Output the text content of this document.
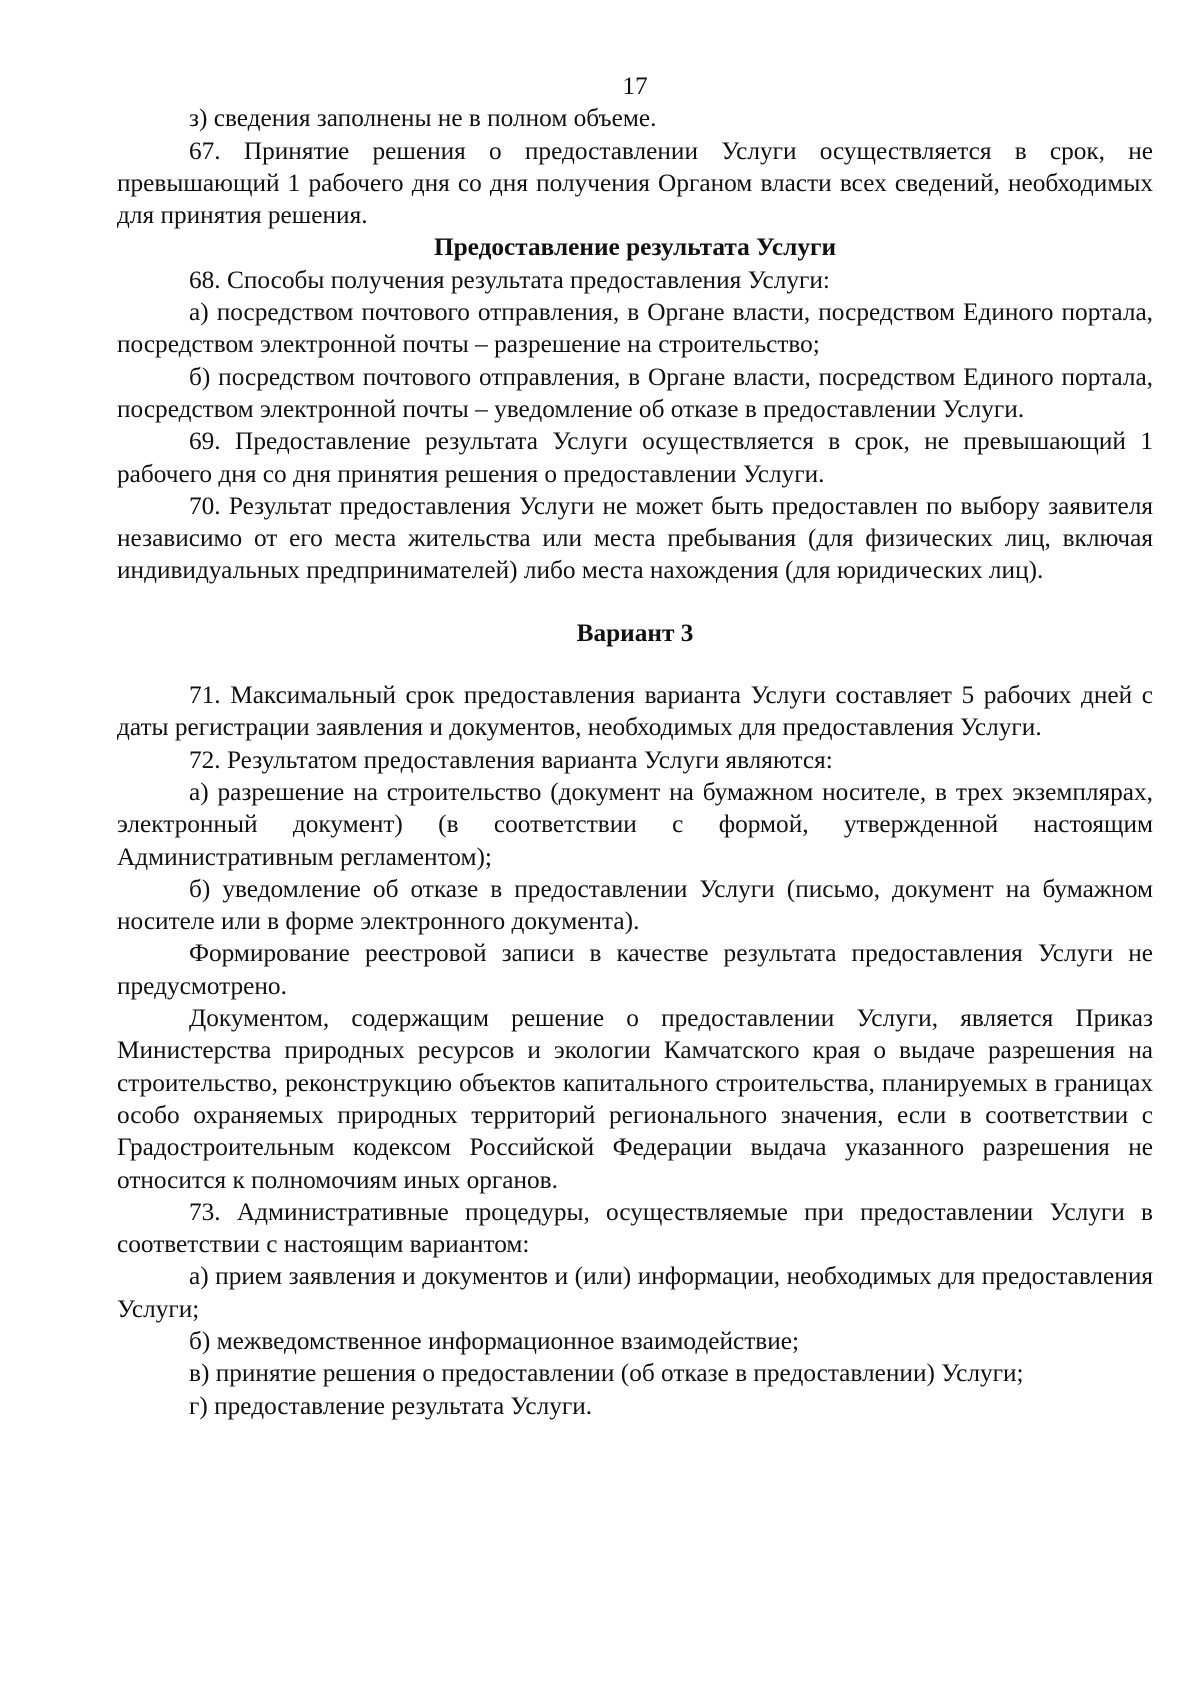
17

з) сведения заполнены не в полном объеме.

67. Принятие решения о предоставлении Услуги осуществляется в срок, не превышающий 1 рабочего дня со дня получения Органом власти всех сведений, необходимых для принятия решения.

Предоставление результата Услуги

68. Способы получения результата предоставления Услуги:

а) посредством почтового отправления, в Органе власти, посредством Единого портала, посредством электронной почты – разрешение на строительство;

б) посредством почтового отправления, в Органе власти, посредством Единого портала, посредством электронной почты – уведомление об отказе в предоставлении Услуги.

69. Предоставление результата Услуги осуществляется в срок, не превышающий 1 рабочего дня со дня принятия решения о предоставлении Услуги.

70. Результат предоставления Услуги не может быть предоставлен по выбору заявителя независимо от его места жительства или места пребывания (для физических лиц, включая индивидуальных предпринимателей) либо места нахождения (для юридических лиц).

Вариант 3

71. Максимальный срок предоставления варианта Услуги составляет 5 рабочих дней с даты регистрации заявления и документов, необходимых для предоставления Услуги.

72. Результатом предоставления варианта Услуги являются:

а) разрешение на строительство (документ на бумажном носителе, в трех экземплярах, электронный документ) (в соответствии с формой, утвержденной настоящим Административным регламентом);

б) уведомление об отказе в предоставлении Услуги (письмо, документ на бумажном носителе или в форме электронного документа).

Формирование реестровой записи в качестве результата предоставления Услуги не предусмотрено.

Документом, содержащим решение о предоставлении Услуги, является Приказ Министерства природных ресурсов и экологии Камчатского края о выдаче разрешения на строительство, реконструкцию объектов капитального строительства, планируемых в границах особо охраняемых природных территорий регионального значения, если в соответствии с Градостроительным кодексом Российской Федерации выдача указанного разрешения не относится к полномочиям иных органов.

73. Административные процедуры, осуществляемые при предоставлении Услуги в соответствии с настоящим вариантом:

а) прием заявления и документов и (или) информации, необходимых для предоставления Услуги;

б) межведомственное информационное взаимодействие;

в) принятие решения о предоставлении (об отказе в предоставлении) Услуги;

г) предоставление результата Услуги.
